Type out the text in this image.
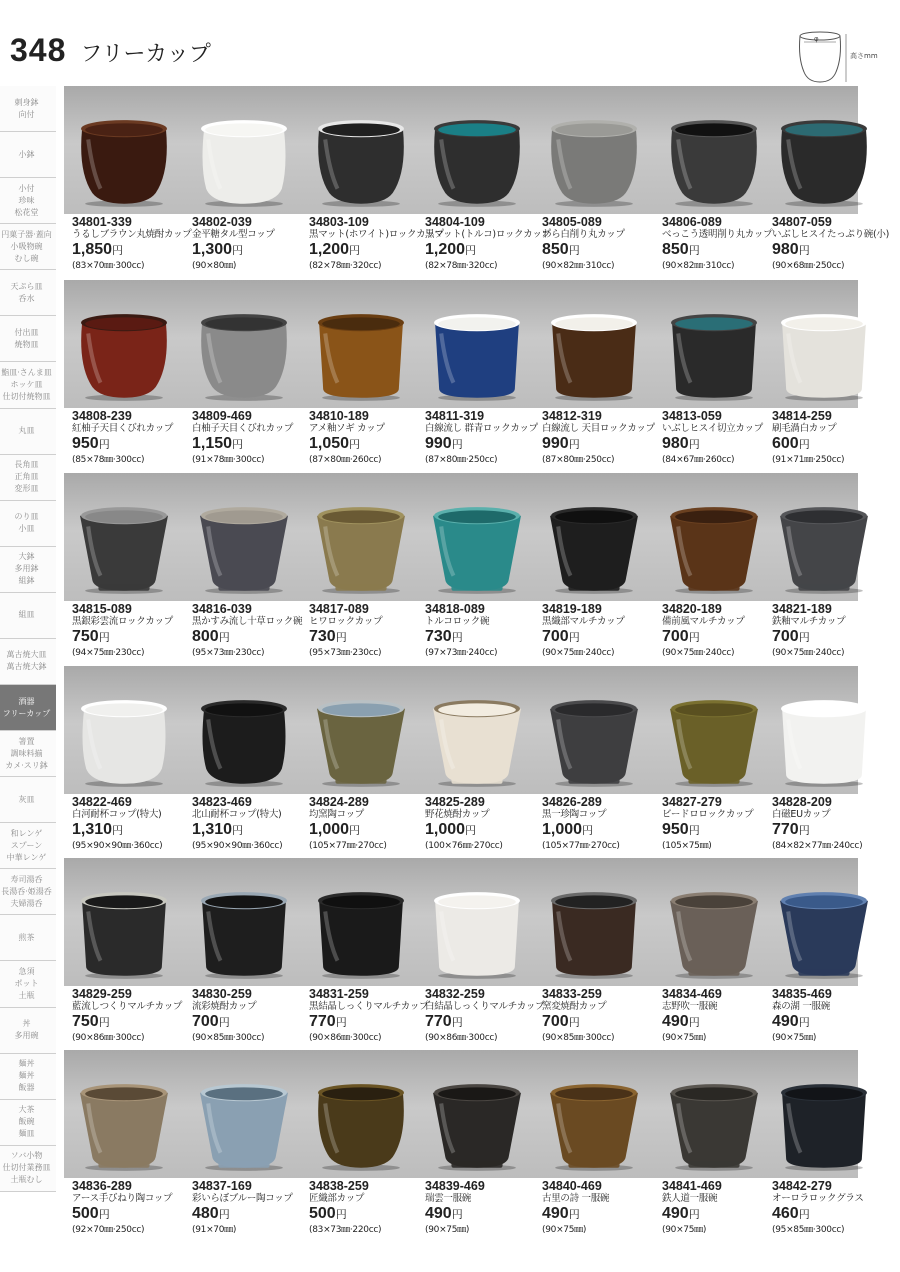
348 フリーカップ
φ
高さmm
刺身鉢
向付
小鉢
小付
珍味
松花堂
円菓子器·蓋向
小吸物碗
むし碗
天ぷら皿
呑水
付出皿
焼物皿
鮨皿·さんま皿
ホッケ皿
仕切付焼物皿
丸皿
長角皿
正角皿
変形皿
のり皿
小皿
大鉢
多用鉢
組鉢
組皿
萬古焼大皿
萬古焼大鉢
酒器
フリーカップ
箸置
調味料揃
カメ·スリ鉢
灰皿
和レンゲ
スプーン
中華レンゲ
寿司湯呑
長湯呑·姫湯呑
夫婦湯呑
煎茶
急須
ポット
土瓶
丼
多用碗
麺丼
麺丼
飯器
大茶
飯碗
麺皿
ソバ小物
仕切付業務皿
土瓶むし
34801-339
うるしブラウン丸焼酎カップ
1,850円
(83×70㎜·300cc)
34802-039
金平糖タル型コップ
1,300円
(90×80㎜)
34803-109
黒マット(ホワイト)ロックカップ
1,200円
(82×78㎜·320cc)
34804-109
黒マット(トルコ)ロックカップ
1,200円
(82×78㎜·320cc)
34805-089
わら白削り丸カップ
850円
(90×82㎜·310cc)
34806-089
べっこう透明削り丸カップ
850円
(90×82㎜·310cc)
34807-059
いぶしヒスイたっぷり碗(小)
980円
(90×68㎜·250cc)
34808-239
紅柚子天目くびれカップ
950円
(85×78㎜·300cc)
34809-469
白柚子天目くびれカップ
1,150円
(91×78㎜·300cc)
34810-189
アメ釉ソギ カップ
1,050円
(87×80㎜·260cc)
34811-319
白線流し 群青ロックカップ
990円
(87×80㎜·250cc)
34812-319
白線流し 天目ロックカップ
990円
(87×80㎜·250cc)
34813-059
いぶしヒスイ切立カップ
980円
(84×67㎜·260cc)
34814-259
刷毛渦白カップ
600円
(91×71㎜·250cc)
34815-089
黒銀彩雲流ロックカップ
750円
(94×75㎜·230cc)
34816-039
黒かすみ流し十草ロック碗
800円
(95×73㎜·230cc)
34817-089
ヒワロックカップ
730円
(95×73㎜·230cc)
34818-089
トルコロック碗
730円
(97×73㎜·240cc)
34819-189
黒織部マルチカップ
700円
(90×75㎜·240cc)
34820-189
備前風マルチカップ
700円
(90×75㎜·240cc)
34821-189
鉄釉マルチカップ
700円
(90×75㎜·240cc)
34822-469
白河耐杯コップ(特大)
1,310円
(95×90×90㎜·360cc)
34823-469
北山耐杯コップ(特大)
1,310円
(95×90×90㎜·360cc)
34824-289
均窯陶コップ
1,000円
(105×77㎜·270cc)
34825-289
野花焼酎カップ
1,000円
(100×76㎜·270cc)
34826-289
黒一珍陶コップ
1,000円
(105×77㎜·270cc)
34827-279
ビードロロックカップ
950円
(105×75㎜)
34828-209
白磁EUカップ
770円
(84×82×77㎜·240cc)
34829-259
藍流しつくりマルチカップ
750円
(90×86㎜·300cc)
34830-259
流彩焼酎カップ
700円
(90×85㎜·300cc)
34831-259
黒結晶しっくりマルチカップ
770円
(90×86㎜·300cc)
34832-259
白結晶しっくりマルチカップ
770円
(90×86㎜·300cc)
34833-259
窯変焼酎カップ
700円
(90×85㎜·300cc)
34834-469
志野吹一服碗
490円
(90×75㎜)
34835-469
森の湖 一服碗
490円
(90×75㎜)
34836-289
アース手びねり陶コップ
500円
(92×70㎜·250cc)
34837-169
彩いらぼブルー陶コップ
480円
(91×70㎜)
34838-259
匠織部カップ
500円
(83×73㎜·220cc)
34839-469
瑞雲一服碗
490円
(90×75㎜)
34840-469
古里の詩 一服碗
490円
(90×75㎜)
34841-469
鉄人道一服碗
490円
(90×75㎜)
34842-279
オーロラロックグラス
460円
(95×85㎜·300cc)
